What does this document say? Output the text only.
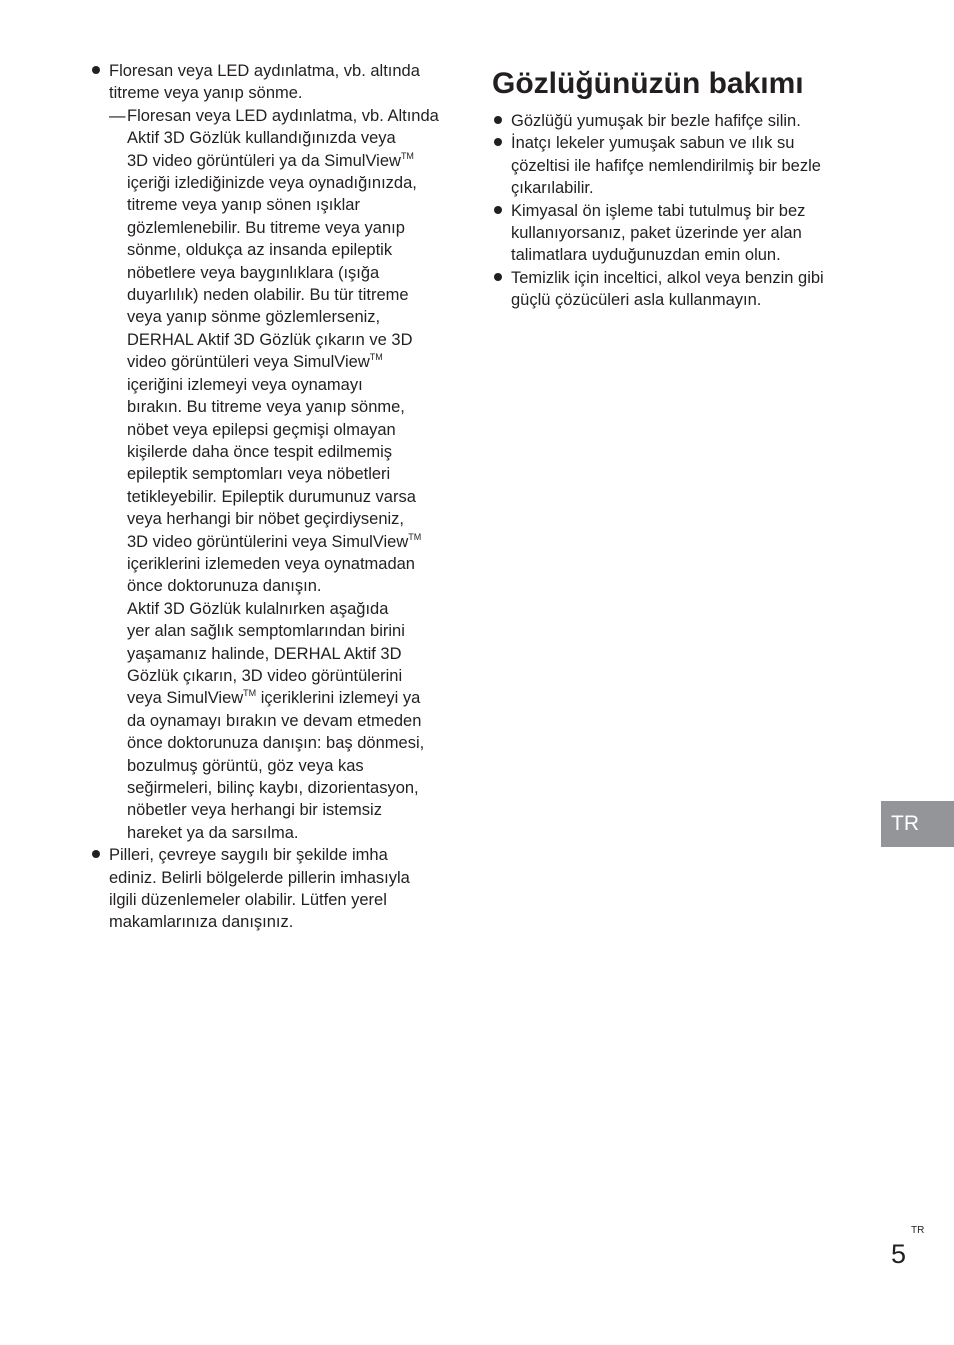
Floresan veya LED aydınlatma, vb. altında
titreme veya yanıp sönme.
— Floresan veya LED aydınlatma, vb. Altında
Aktif 3D Gözlük kullandığınızda veya
3D video görüntüleri ya da SimulView™
içeriği izlediğinizde veya oynadığınızda,
titreme veya yanıp sönen ışıklar
gözlemlenebilir. Bu titreme veya yanıp
sönme, oldukça az insanda epileptik
nöbetlere veya baygınlıklara (ışığa
duyarlılık) neden olabilir. Bu tür titreme
veya yanıp sönme gözlemlerseniz,
DERHAL Aktif 3D Gözlük çıkarın ve 3D
video görüntüleri veya SimulView™
içeriğini izlemeyi veya oynamayı
bırakın. Bu titreme veya yanıp sönme,
nöbet veya epilepsi geçmişi olmayan
kişilerde daha önce tespit edilmemiş
epileptik semptomları veya nöbetleri
tetikleyebilir. Epileptik durumunuz varsa
veya herhangi bir nöbet geçirdiyseniz,
3D video görüntülerini veya SimulView™
içeriklerini izlemeden veya oynatmadan
önce doktorunuza danışın.
Aktif 3D Gözlük kulalnırken aşağıda
yer alan sağlık semptomlarından birini
yaşamanız halinde, DERHAL Aktif 3D
Gözlük çıkarın, 3D video görüntülerini
veya SimulView™ içeriklerini izlemeyi ya
da oynamayı bırakın ve devam etmeden
önce doktorunuza danışın: baş dönmesi,
bozulmuş görüntü, göz veya kas
seğirmeleri, bilinç kaybı, dizorientasyon,
nöbetler veya herhangi bir istemsiz
hareket ya da sarsılma.
Pilleri, çevreye saygılı bir şekilde imha
ediniz. Belirli bölgelerde pillerin imhasıyla
ilgili düzenlemeler olabilir. Lütfen yerel
makamlarınıza danışınız.
Gözlüğünüzün bakımı
Gözlüğü yumuşak bir bezle hafifçe silin.
İnatçı lekeler yumuşak sabun ve ılık su
çözeltisi ile hafifçe nemlendirilmiş bir bezle
çıkarılabilir.
Kimyasal ön işleme tabi tutulmuş bir bez
kullanıyorsanız, paket üzerinde yer alan
talimatlara uyduğunuzdan emin olun.
Temizlik için inceltici, alkol veya benzin gibi
güçlü çözücüleri asla kullanmayın.
TR
TR
5
